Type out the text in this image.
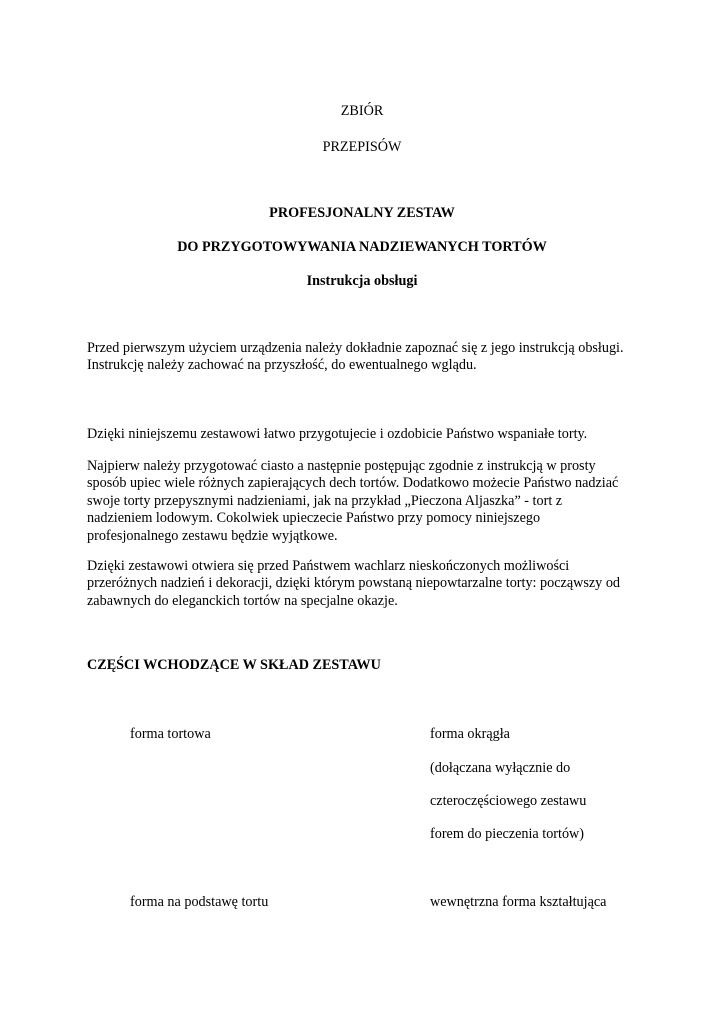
ZBIÓR
PRZEPISÓW
PROFESJONALNY ZESTAW
DO PRZYGOTOWYWANIA NADZIEWANYCH TORTÓW
Instrukcja obsługi
Przed pierwszym użyciem urządzenia należy dokładnie zapoznać się z jego instrukcją obsługi.
Instrukcję należy zachować na przyszłość, do ewentualnego wglądu.
Dzięki niniejszemu zestawowi łatwo przygotujecie i ozdobicie Państwo wspaniałe torty.
Najpierw należy przygotować ciasto a następnie postępując zgodnie z instrukcją w prosty
sposób upiec wiele różnych zapierających dech tortów. Dodatkowo możecie Państwo nadziać
swoje torty przepysznymi nadzieniami, jak na przykład „Pieczona Aljaszka” - tort z
nadzieniem lodowym. Cokolwiek upieczecie Państwo przy pomocy niniejszego
profesjonalnego zestawu będzie wyjątkowe.
Dzięki zestawowi otwiera się przed Państwem wachlarz nieskończonych możliwości
przeróżnych nadzień i dekoracji, dzięki którym powstaną niepowtarzalne torty: począwszy od
zabawnych do eleganckich tortów na specjalne okazje.
CZĘŚCI WCHODZĄCE W SKŁAD ZESTAWU
forma tortowa	forma okrągła
(dołączana wyłącznie do
czteroczęściowego zestawu
forem do pieczenia tortów)
forma na podstawę tortu	wewnętrzna forma kształtująca
